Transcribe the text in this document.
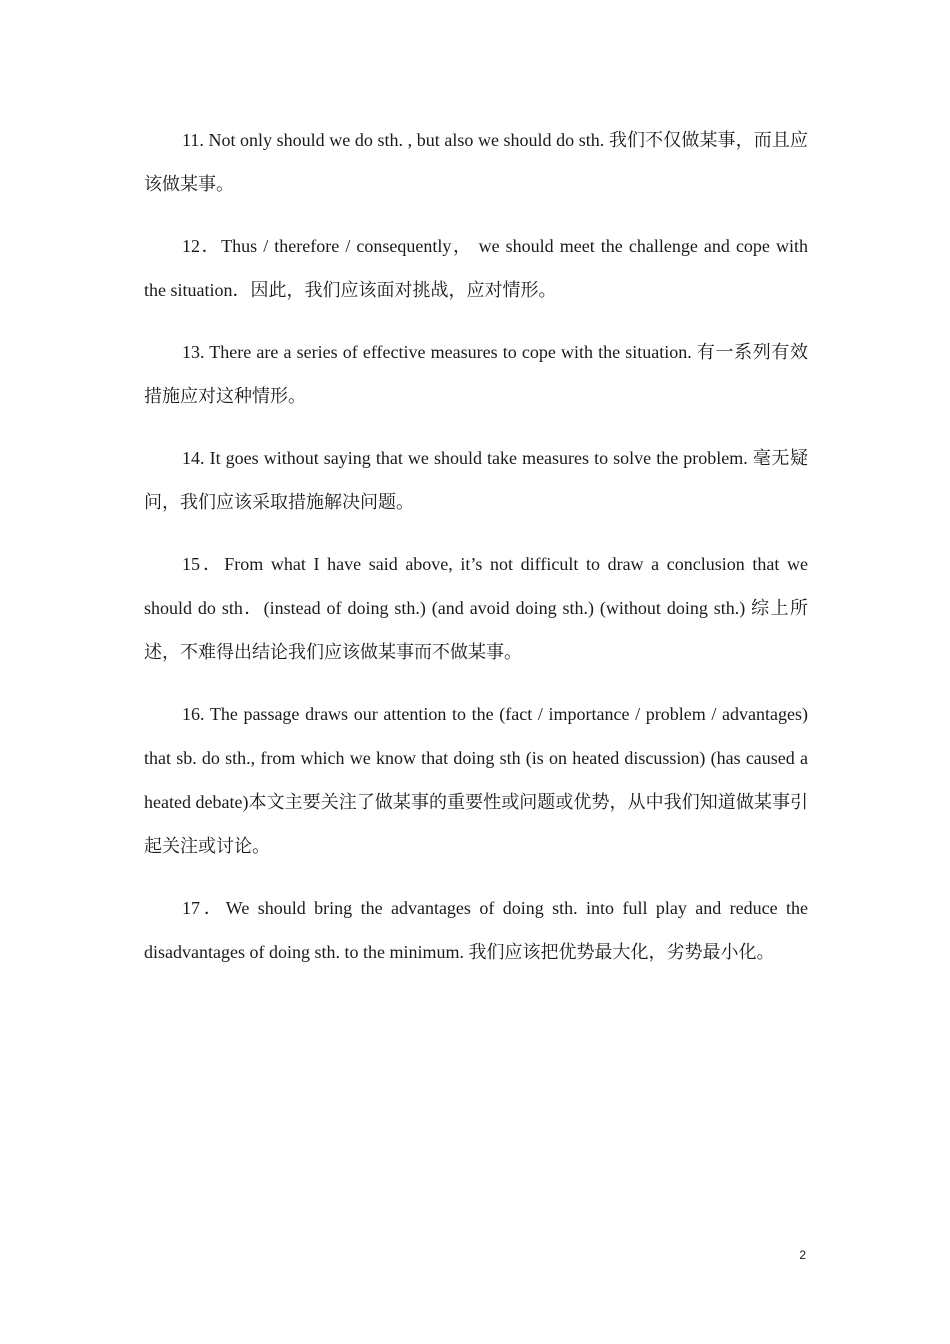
11. Not only should we do sth. , but also we should do sth. 我们不仅做某事，而且应该做某事。

12．Thus / therefore / consequently， we should meet the challenge and cope with the situation．因此，我们应该面对挑战，应对情形。

13. There are a series of effective measures to cope with the situation. 有一系列有效措施应对这种情形。

14. It goes without saying that we should take measures to solve the problem. 毫无疑问，我们应该采取措施解决问题。

15．From what I have said above, it’s not difficult to draw a conclusion that we should do sth．(instead of doing sth.) (and avoid doing sth.) (without doing sth.) 综上所述，不难得出结论我们应该做某事而不做某事。

16. The passage draws our attention to the (fact / importance / problem / advantages) that sb. do sth., from which we know that doing sth (is on heated discussion) (has caused a heated debate)本文主要关注了做某事的重要性或问题或优势，从中我们知道做某事引起关注或讨论。

17．We should bring the advantages of doing sth. into full play and reduce the disadvantages of doing sth. to the minimum. 我们应该把优势最大化，劣势最小化。

2
